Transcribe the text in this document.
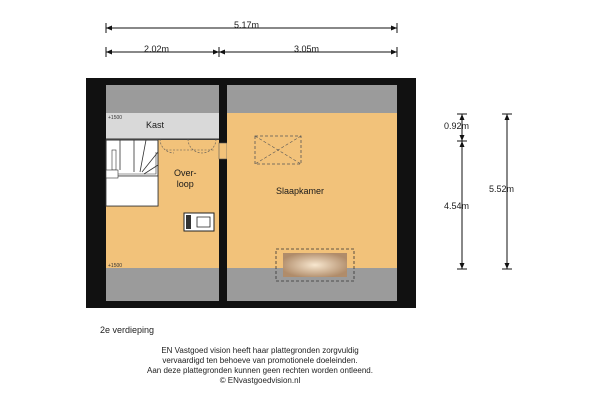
5.17m
2.02m	3.05m
0.92m
4.54m
5.52m
+1500
+1500
Kast
Over-
loop
Slaapkamer
2e verdieping
EN Vastgoed vision heeft haar plattegronden zorgvuldig
vervaardigd ten behoeve van promotionele doeleinden.
Aan deze plattegronden kunnen geen rechten worden ontleend.
© ENvastgoedvision.nl
